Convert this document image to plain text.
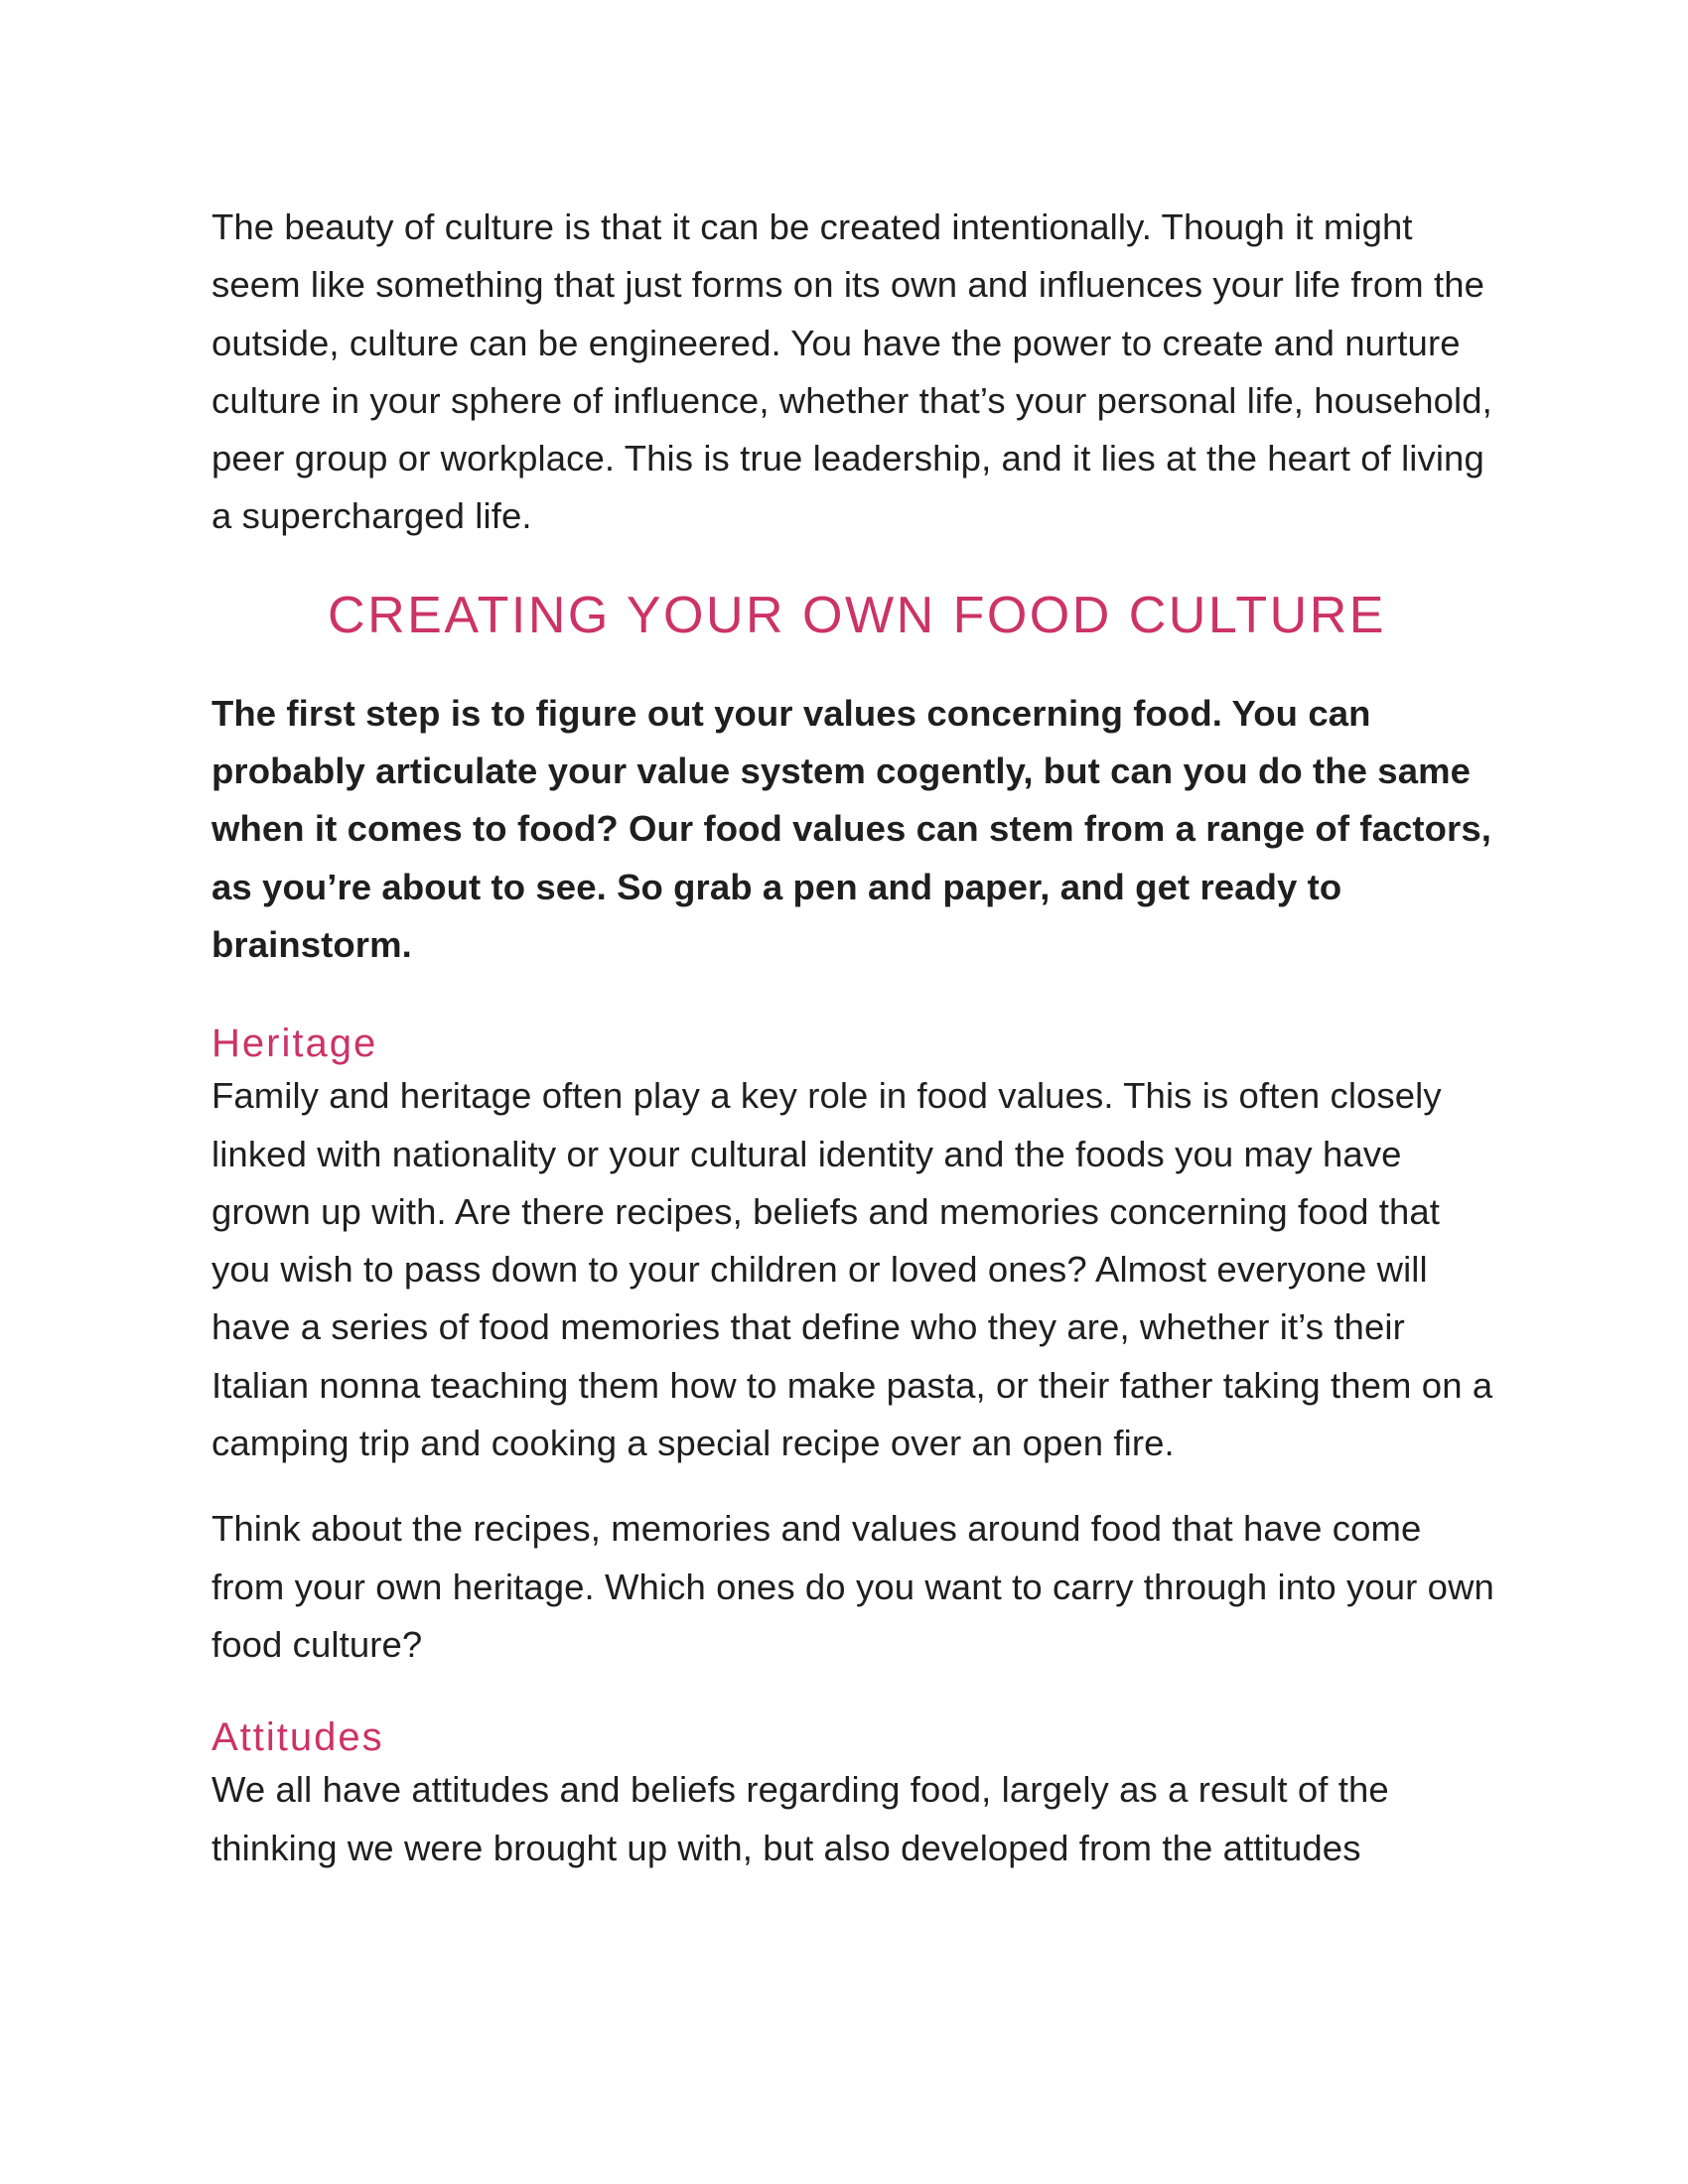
The beauty of culture is that it can be created intentionally. Though it might seem like something that just forms on its own and influences your life from the outside, culture can be engineered. You have the power to create and nurture culture in your sphere of influence, whether that’s your personal life, household, peer group or workplace. This is true leadership, and it lies at the heart of living a supercharged life.

CREATING YOUR OWN FOOD CULTURE

The first step is to figure out your values concerning food. You can probably articulate your value system cogently, but can you do the same when it comes to food? Our food values can stem from a range of factors, as you’re about to see. So grab a pen and paper, and get ready to brainstorm.

Heritage

Family and heritage often play a key role in food values. This is often closely linked with nationality or your cultural identity and the foods you may have grown up with. Are there recipes, beliefs and memories concerning food that you wish to pass down to your children or loved ones? Almost everyone will have a series of food memories that define who they are, whether it’s their Italian nonna teaching them how to make pasta, or their father taking them on a camping trip and cooking a special recipe over an open fire.

Think about the recipes, memories and values around food that have come from your own heritage. Which ones do you want to carry through into your own food culture?

Attitudes

We all have attitudes and beliefs regarding food, largely as a result of the thinking we were brought up with, but also developed from the attitudes
